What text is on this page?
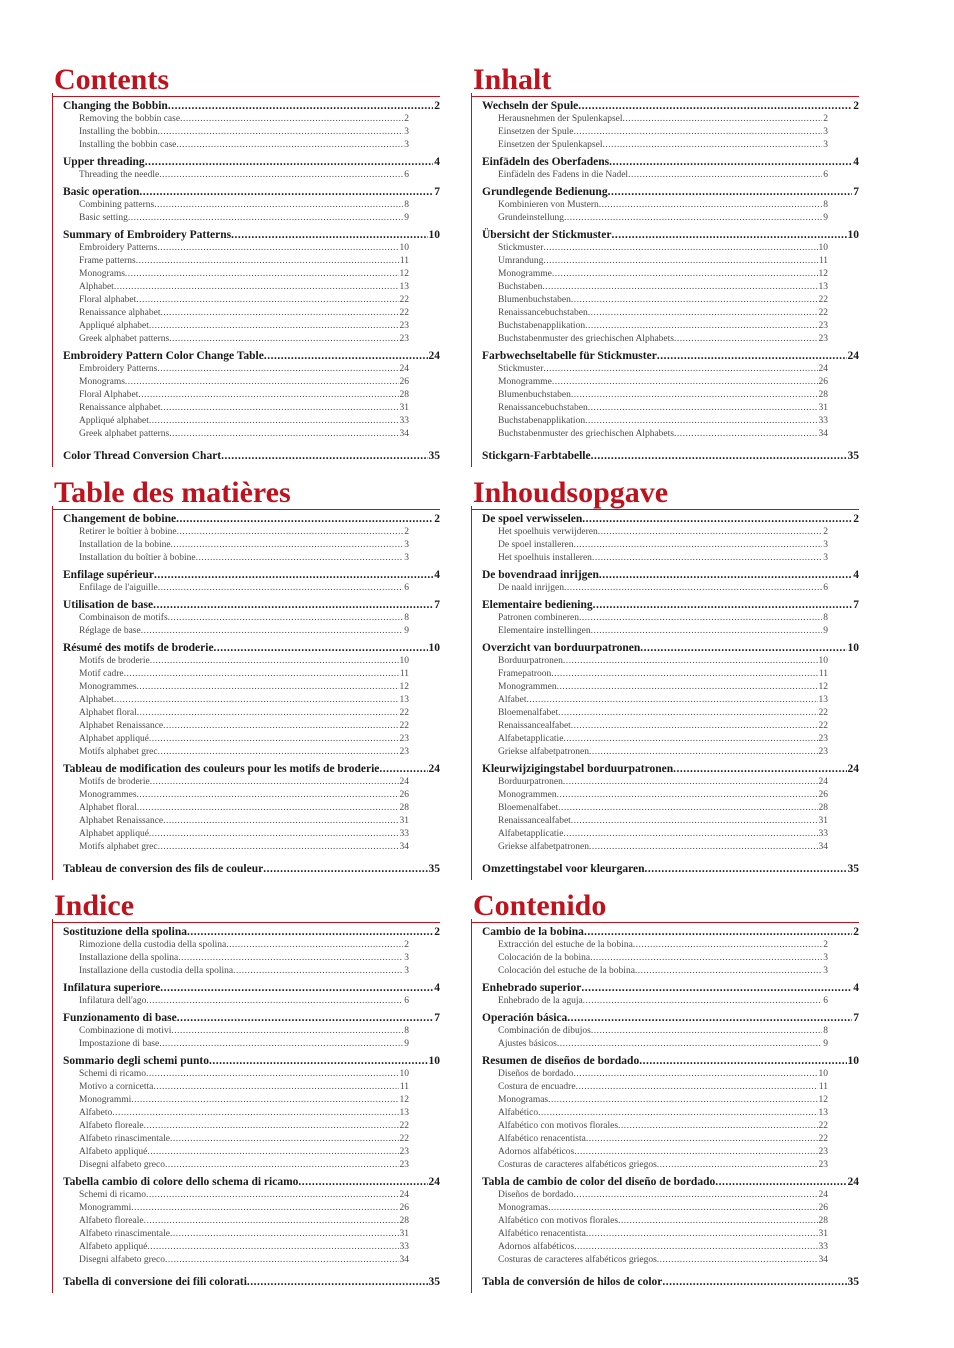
Contents
Changing the Bobbin .....	2
Removing the bobbin case .....	2
Installing the bobbin .....	3
Installing the bobbin case .....	3
Upper threading .....	4
Threading the needle .....	6
Basic operation .....	7
Combining patterns .....	8
Basic setting .....	9
Summary of Embroidery Patterns .....	10
Embroidery Patterns .....	10
Frame patterns .....	11
Monograms .....	12
Alphabet .....	13
Floral alphabet .....	22
Renaissance alphabet .....	22
Appliqué alphabet .....	23
Greek alphabet patterns .....	23
Embroidery Pattern Color Change Table .....	24
Embroidery Patterns .....	24
Monograms .....	26
Floral Alphabet .....	28
Renaissance alphabet .....	31
Appliqué alphabet .....	33
Greek alphabet patterns .....	34
Color Thread Conversion Chart .....	35
Inhalt
Wechseln der Spule .....	2
Herausnehmen der Spulenkapsel .....	2
Einsetzen der Spule .....	3
Einsetzen der Spulenkapsel .....	3
Einfädeln des Oberfadens .....	4
Einfädeln des Fadens in die Nadel .....	6
Grundlegende Bedienung .....	7
Kombinieren von Mustern .....	8
Grundeinstellung .....	9
Übersicht der Stickmuster .....	10
Stickmuster .....	10
Umrandung .....	11
Monogramme .....	12
Buchstaben .....	13
Blumenbuchstaben .....	22
Renaissancebuchstaben .....	22
Buchstabenapplikation .....	23
Buchstabenmuster des griechischen Alphabets .....	23
Farbwechseltabelle für Stickmuster .....	24
Stickmuster .....	24
Monogramme .....	26
Blumenbuchstaben .....	28
Renaissancebuchstaben .....	31
Buchstabenapplikation .....	33
Buchstabenmuster des griechischen Alphabets .....	34
Stickgarn-Farbtabelle .....	35
Table des matières
Changement de bobine .....	2
Retirer le boîtier à bobine .....	2
Installation de la bobine .....	3
Installation du boîtier à bobine .....	3
Enfilage supérieur .....	4
Enfilage de l'aiguille .....	6
Utilisation de base .....	7
Combinaison de motifs .....	8
Réglage de base .....	9
Résumé des motifs de broderie .....	10
Motifs de broderie .....	10
Motif cadre .....	11
Monogrammes .....	12
Alphabet .....	13
Alphabet floral .....	22
Alphabet Renaissance .....	22
Alphabet appliqué .....	23
Motifs alphabet grec .....	23
Tableau de modification des couleurs pour les motifs de broderie .....	24
Motifs de broderie .....	24
Monogrammes .....	26
Alphabet floral .....	28
Alphabet Renaissance .....	31
Alphabet appliqué .....	33
Motifs alphabet grec .....	34
Tableau de conversion des fils de couleur .....	35
Inhoudsopgave
De spoel verwisselen .....	2
Het spoelhuis verwijderen .....	2
De spoel installeren .....	3
Het spoelhuis installeren .....	3
De bovendraad inrijgen .....	4
De naald inrijgen .....	6
Elementaire bediening .....	7
Patronen combineren .....	8
Elementaire instellingen .....	9
Overzicht van borduurpatronen .....	10
Borduurpatronen .....	10
Framepatroon .....	11
Monogrammen .....	12
Alfabet .....	13
Bloemenalfabet .....	22
Renaissancealfabet .....	22
Alfabetapplicatie .....	23
Griekse alfabetpatronen .....	23
Kleurwijzigingstabel borduurpatronen .....	24
Borduurpatronen .....	24
Monogrammen .....	26
Bloemenalfabet .....	28
Renaissancealfabet .....	31
Alfabetapplicatie .....	33
Griekse alfabetpatronen .....	34
Omzettingstabel voor kleurgaren .....	35
Indice
Sostituzione della spolina .....	2
Rimozione della custodia della spolina .....	2
Installazione della spolina .....	3
Installazione della custodia della spolina .....	3
Infilatura superiore .....	4
Infilatura dell'ago .....	6
Funzionamento di base .....	7
Combinazione di motivi .....	8
Impostazione di base .....	9
Sommario degli schemi punto .....	10
Schemi di ricamo .....	10
Motivo a cornicetta .....	11
Monogrammi .....	12
Alfabeto .....	13
Alfabeto floreale .....	22
Alfabeto rinascimentale .....	22
Alfabeto appliqué .....	23
Disegni alfabeto greco .....	23
Tabella cambio di colore dello schema di ricamo .....	24
Schemi di ricamo .....	24
Monogrammi .....	26
Alfabeto floreale .....	28
Alfabeto rinascimentale .....	31
Alfabeto appliqué .....	33
Disegni alfabeto greco .....	34
Tabella di conversione dei fili colorati .....	35
Contenido
Cambio de la bobina .....	2
Extracción del estuche de la bobina .....	2
Colocación de la bobina .....	3
Colocación del estuche de la bobina .....	3
Enhebrado superior .....	4
Enhebrado de la aguja .....	6
Operación básica .....	7
Combinación de dibujos .....	8
Ajustes básicos .....	9
Resumen de diseños de bordado .....	10
Diseños de bordado .....	10
Costura de encuadre .....	11
Monogramas .....	12
Alfabético .....	13
Alfabético con motivos florales .....	22
Alfabético renacentista .....	22
Adornos alfabéticos .....	23
Costuras de caracteres alfabéticos griegos .....	23
Tabla de cambio de color del diseño de bordado .....	24
Diseños de bordado .....	24
Monogramas .....	26
Alfabético con motivos florales .....	28
Alfabético renacentista .....	31
Adornos alfabéticos .....	33
Costuras de caracteres alfabéticos griegos .....	34
Tabla de conversión de hilos de color .....	35
